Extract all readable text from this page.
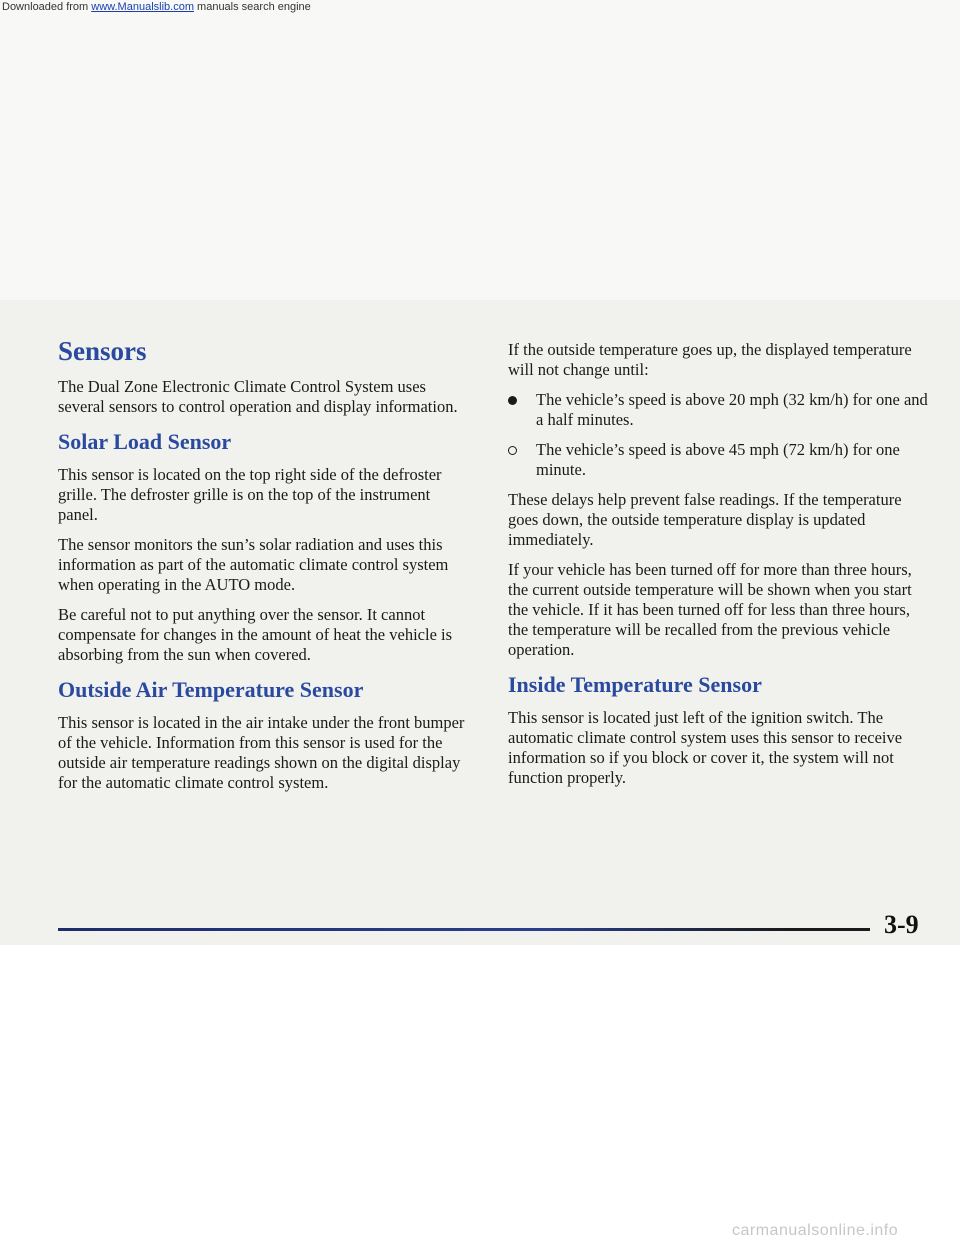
Downloaded from www.Manualslib.com manuals search engine
Sensors

The Dual Zone Electronic Climate Control System uses several sensors to control operation and display information.

Solar Load Sensor

This sensor is located on the top right side of the defroster grille. The defroster grille is on the top of the instrument panel.

The sensor monitors the sun’s solar radiation and uses this information as part of the automatic climate control system when operating in the AUTO mode.

Be careful not to put anything over the sensor. It cannot compensate for changes in the amount of heat the vehicle is absorbing from the sun when covered.

Outside Air Temperature Sensor

This sensor is located in the air intake under the front bumper of the vehicle. Information from this sensor is used for the outside air temperature readings shown on the digital display for the automatic climate control system.

If the outside temperature goes up, the displayed temperature will not change until:

The vehicle’s speed is above 20 mph (32 km/h) for one and a half minutes.
The vehicle’s speed is above 45 mph (72 km/h) for one minute.

These delays help prevent false readings. If the temperature goes down, the outside temperature display is updated immediately.

If your vehicle has been turned off for more than three hours, the current outside temperature will be shown when you start the vehicle. If it has been turned off for less than three hours, the temperature will be recalled from the previous vehicle operation.

Inside Temperature Sensor

This sensor is located just left of the ignition switch. The automatic climate control system uses this sensor to receive information so if you block or cover it, the system will not function properly.

3-9
carmanualsonline.info
